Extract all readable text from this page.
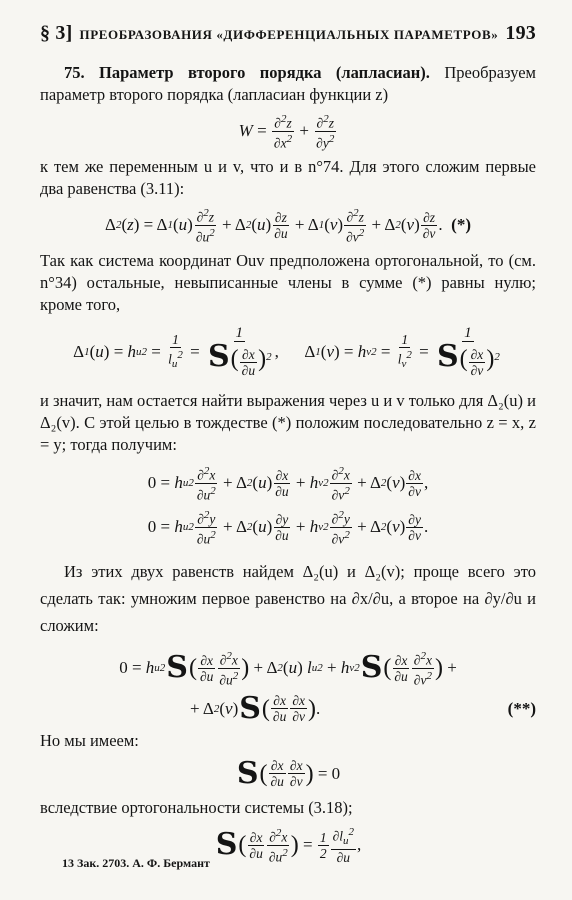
§ 3] ПРЕОБРАЗОВАНИЯ «ДИФФЕРЕНЦИАЛЬНЫХ ПАРАМЕТРОВ» 193

75. Параметр второго порядка (лапласиан). Преобразуем параметр второго порядка (лапласиан функции z)

$W = \frac{\partial^2z}{\partial x^2} + \frac{\partial^2z}{\partial y^2}$

к тем же переменным u и v, что и в n°74. Для этого сложим первые два равенства (3.11):

Δ 2 ( z ) = Δ 1 ( u ) $\frac{\partial^2z}{\partial u^2} + \Delta$ 2 ( u ) $\frac{\partial z}{\partial u} + \Delta$ 1 ( v ) $\frac{\partial^2z}{\partial v^2} + \Delta$ 2 ( v ) $\frac{\partial z}{\partial v}$ . (*)

Так как система координат Ouv предположена ортогональной, то (см. n°34) остальные, невыписанные члены в сумме (*) равны нулю; кроме того,

Δ 1 ( u ) = h u $2 = \frac{1}{l_u^2} = \frac{1}{S( \frac{\partial x}{\partial u} )^2}$ ,      Δ 1 ( v ) = h v $2 = \frac{1}{l_v^2} = \frac{1}{S( \frac{\partial x}{\partial v} )^2}$

и значит, нам остается найти выражения через u и v только для Δ₂(u) и Δ₂(v). С этой целью в тождестве (*) положим последовательно z = x, z = y; тогда получим:

0 = h u $2 \frac{\partial^2x}{\partial u^2} + \Delta$ 2 ( u ) $\frac{\partial x}{\partial u} + h$ v $2 \frac{\partial^2x}{\partial v^2} + \Delta$ 2 ( v ) $\frac{\partial x}{\partial v}$ ,
0 = h u $2 \frac{\partial^2y}{\partial u^2} + \Delta$ 2 ( u ) $\frac{\partial y}{\partial u} + h$ v $2 \frac{\partial^2y}{\partial v^2} + \Delta$ 2 ( v ) $\frac{\partial y}{\partial v}$ .

Из этих двух равенств найдем Δ₂(u) и Δ₂(v); проще всего это сделать так: умножим первое равенство на ∂x/∂u, а второе на ∂y/∂u и сложим:

0 = h u 2 S ( $\frac{\partial x}{\partial u} \frac{\partial^2x}{\partial u^2}$ ) + Δ 2 ( u ) l u 2 + h v 2 S ( $\frac{\partial x}{\partial u} \frac{\partial^2x}{\partial v^2}$ ) +
+ Δ 2 ( v ) S ( $\frac{\partial x}{\partial u} \frac{\partial x}{\partial v}$ ) .	(**)

Но мы имеем:

S ( $\frac{\partial x}{\partial u} \frac{\partial x}{\partial v}$ ) = 0

вследствие ортогональности системы (3.18);

S ( $\frac{\partial x}{\partial u} \frac{\partial^2x}{\partial u^2}$ ) = $\frac{1}{2} \frac{\partial l_u^2}{\partial u}$ ,
13 Зак. 2703. А. Ф. Бермант
